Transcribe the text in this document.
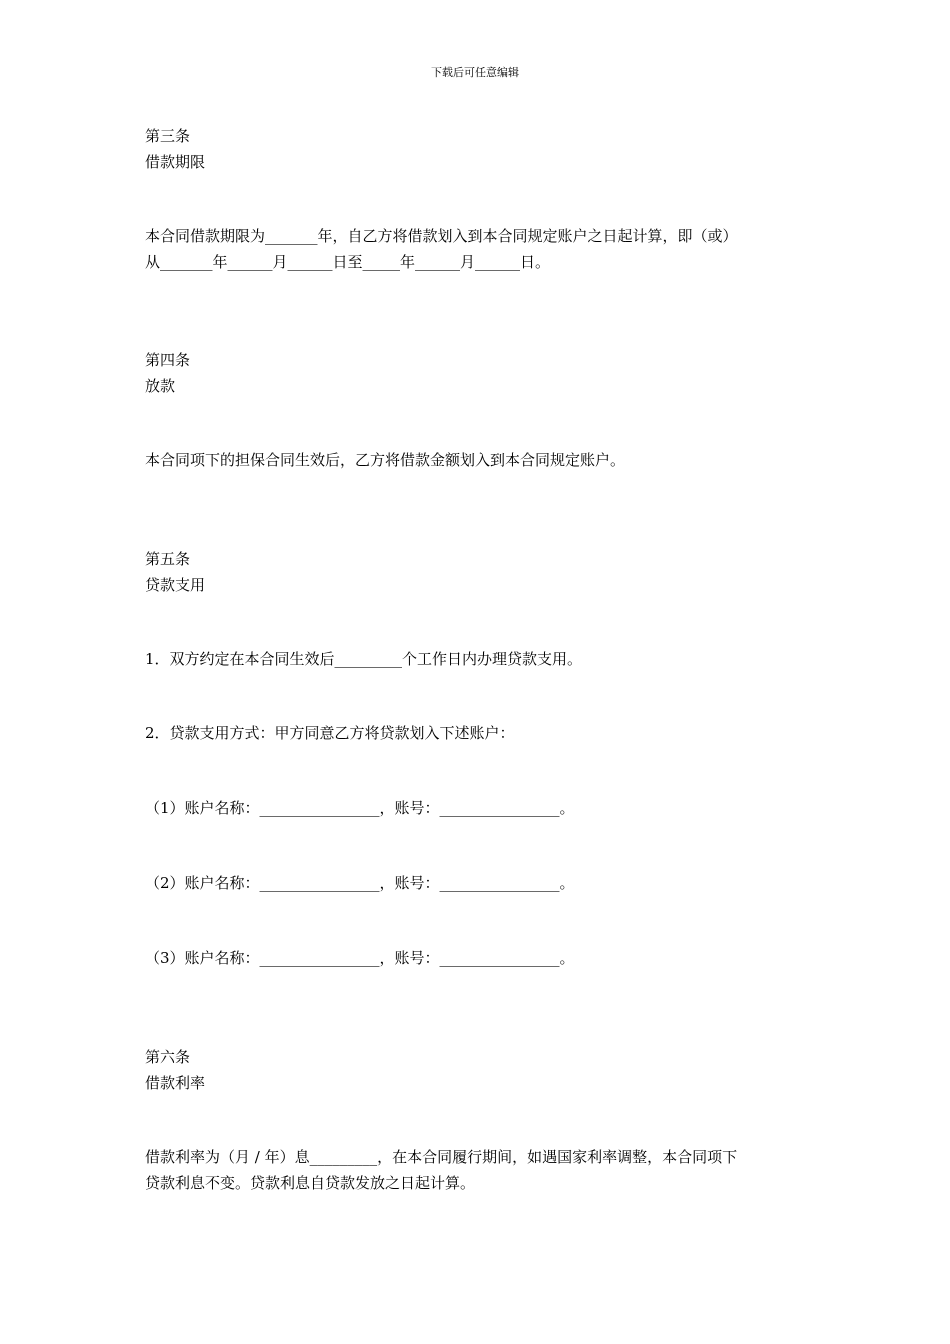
下载后可任意编辑
第三条
借款期限
本合同借款期限为_______年，自乙方将借款划入到本合同规定账户之日起计算，即（或）
从_______年______月______日至_____年______月______日。
第四条
放款
本合同项下的担保合同生效后，乙方将借款金额划入到本合同规定账户。
第五条
贷款支用
1．双方约定在本合同生效后_________个工作日内办理贷款支用。
2．贷款支用方式：甲方同意乙方将贷款划入下述账户：
（1）账户名称：________________，账号：________________。
（2）账户名称：________________，账号：________________。
（3）账户名称：________________，账号：________________。
第六条
借款利率
借款利率为（月 / 年）息_________，在本合同履行期间，如遇国家利率调整，本合同项下
贷款利息不变。贷款利息自贷款发放之日起计算。
